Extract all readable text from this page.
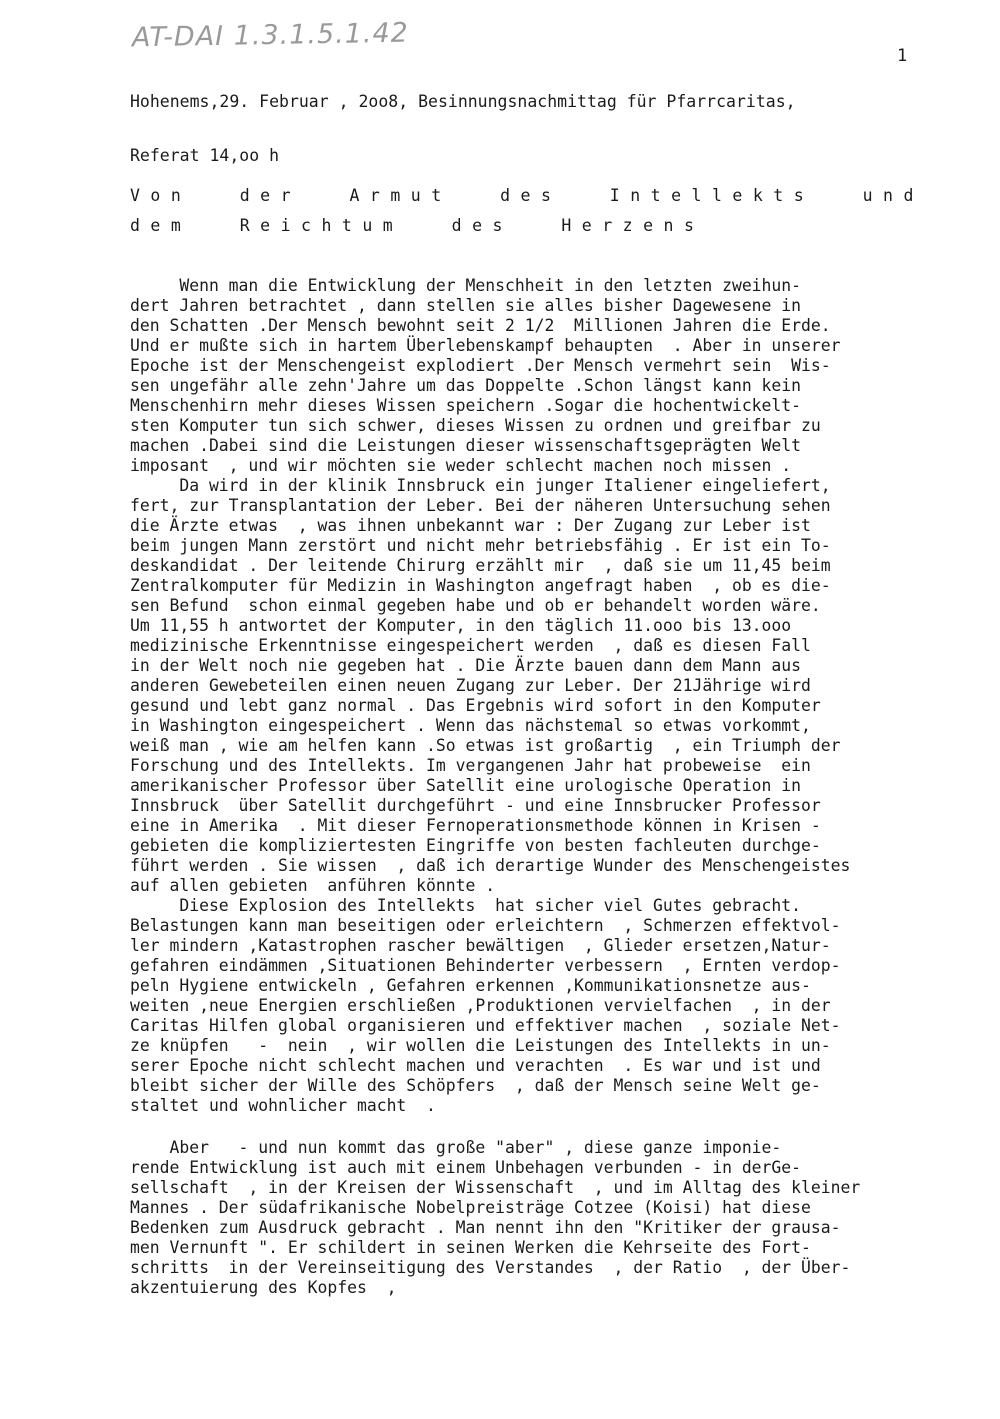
AT-DAI 1.3.1.5.1.42
1
Hohenems,29. Februar , 2oo8, Besinnungsnachmittag für Pfarrcaritas,
Referat 14,oo h
Von der Armut des Intellekts und
dem Reichtum des Herzens
Wenn man die Entwicklung der Menschheit in den letzten zweihun-
dert Jahren betrachtet , dann stellen sie alles bisher Dagewesene in
den Schatten .Der Mensch bewohnt seit 2 1/2  Millionen Jahren die Erde.
Und er mußte sich in hartem Überlebenskampf behaupten  . Aber in unserer
Epoche ist der Menschengeist explodiert .Der Mensch vermehrt sein  Wis-
sen ungefähr alle zehn'Jahre um das Doppelte .Schon längst kann kein
Menschenhirn mehr dieses Wissen speichern .Sogar die hochentwickelt-
sten Komputer tun sich schwer, dieses Wissen zu ordnen und greifbar zu
machen .Dabei sind die Leistungen dieser wissenschaftsgeprägten Welt
imposant  , und wir möchten sie weder schlecht machen noch missen .
Da wird in der klinik Innsbruck ein junger Italiener eingeliefert,
fert, zur Transplantation der Leber. Bei der näheren Untersuchung sehen
die Ärzte etwas  , was ihnen unbekannt war : Der Zugang zur Leber ist
beim jungen Mann zerstört und nicht mehr betriebsfähig . Er ist ein To-
deskandidat . Der leitende Chirurg erzählt mir  , daß sie um 11,45 beim
Zentralkomputer für Medizin in Washington angefragt haben  , ob es die-
sen Befund  schon einmal gegeben habe und ob er behandelt worden wäre.
Um 11,55 h antwortet der Komputer, in den täglich 11.ooo bis 13.ooo
medizinische Erkenntnisse eingespeichert werden  , daß es diesen Fall
in der Welt noch nie gegeben hat . Die Ärzte bauen dann dem Mann aus
anderen Gewebeteilen einen neuen Zugang zur Leber. Der 21Jährige wird
gesund und lebt ganz normal . Das Ergebnis wird sofort in den Komputer
in Washington eingespeichert . Wenn das nächstemal so etwas vorkommt,
weiß man , wie am helfen kann .So etwas ist großartig  , ein Triumph der
Forschung und des Intellekts. Im vergangenen Jahr hat probeweise  ein
amerikanischer Professor über Satellit eine urologische Operation in
Innsbruck  über Satellit durchgeführt - und eine Innsbrucker Professor
eine in Amerika  . Mit dieser Fernoperationsmethode können in Krisen -
gebieten die kompliziertesten Eingriffe von besten fachleuten durchge-
führt werden . Sie wissen  , daß ich derartige Wunder des Menschengeistes
auf allen gebieten  anführen könnte .
Diese Explosion des Intellekts  hat sicher viel Gutes gebracht.
Belastungen kann man beseitigen oder erleichtern  , Schmerzen effektvol-
ler mindern ,Katastrophen rascher bewältigen  , Glieder ersetzen,Natur-
gefahren eindämmen ,Situationen Behinderter verbessern  , Ernten verdop-
peln Hygiene entwickeln , Gefahren erkennen ,Kommunikationsnetze aus-
weiten ,neue Energien erschließen ,Produktionen vervielfachen  , in der
Caritas Hilfen global organisieren und effektiver machen  , soziale Net-
ze knüpfen   -  nein  , wir wollen die Leistungen des Intellekts in un-
serer Epoche nicht schlecht machen und verachten  . Es war und ist und
bleibt sicher der Wille des Schöpfers  , daß der Mensch seine Welt ge-
staltet und wohnlicher macht  .
Aber   - und nun kommt das große "aber" , diese ganze imponie-
rende Entwicklung ist auch mit einem Unbehagen verbunden - in derGe-
sellschaft  , in der Kreisen der Wissenschaft  , und im Alltag des kleiner
Mannes . Der südafrikanische Nobelpreisträge Cotzee (Koisi) hat diese
Bedenken zum Ausdruck gebracht . Man nennt ihn den "Kritiker der grausa-
men Vernunft ". Er schildert in seinen Werken die Kehrseite des Fort-
schritts  in der Vereinseitigung des Verstandes  , der Ratio  , der Über-
akzentuierung des Kopfes  ,
